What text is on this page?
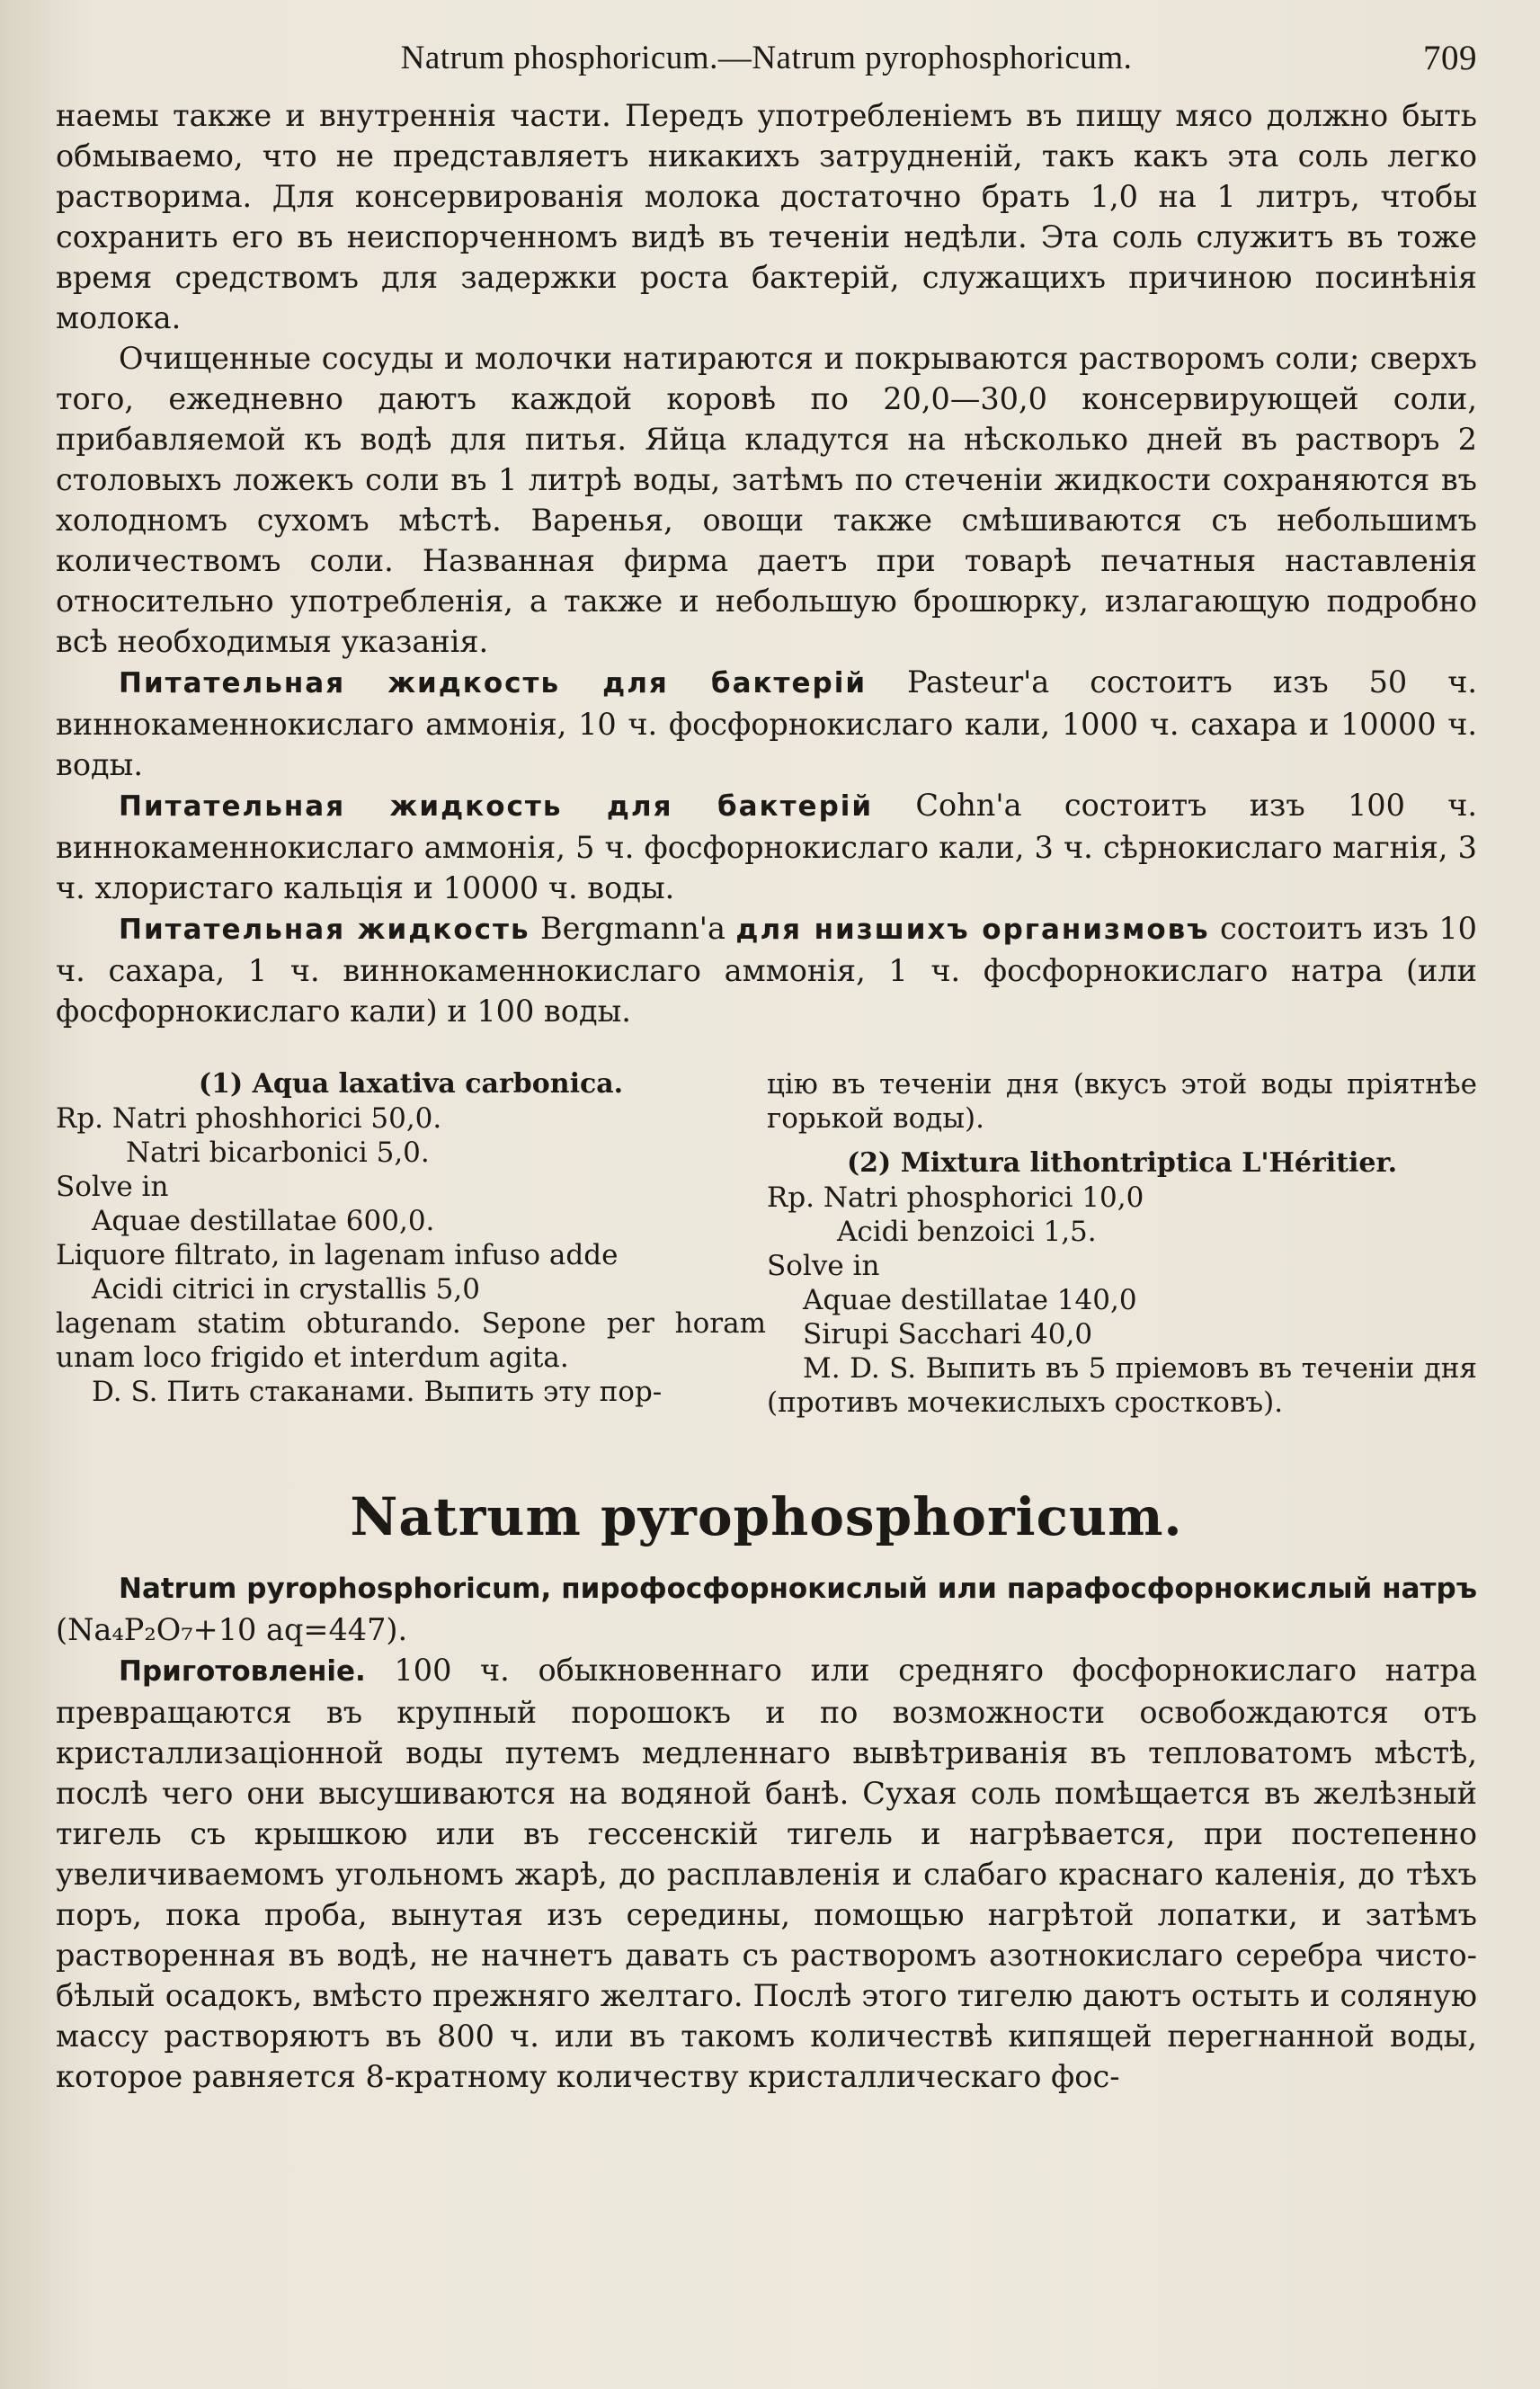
Natrum phosphoricum.—Natrum pyrophosphoricum.	709

наемы также и внутреннія части. Передъ употребленіемъ въ пищу мясо должно быть обмываемо, что не представляетъ никакихъ затрудненій, такъ какъ эта соль легко растворима. Для консервированія молока достаточно брать 1,0 на 1 литръ, чтобы сохранить его въ неиспорченномъ видѣ въ теченіи недѣли. Эта соль служитъ въ тоже время средствомъ для задержки роста бактерій, служащихъ причиною посинѣнія молока.

Очищенные сосуды и молочки натираются и покрываются растворомъ соли; сверхъ того, ежедневно даютъ каждой коровѣ по 20,0—30,0 консервирующей соли, прибавляемой къ водѣ для питья. Яйца кладутся на нѣсколько дней въ растворъ 2 столовыхъ ложекъ соли въ 1 литрѣ воды, затѣмъ по стеченіи жидкости сохраняются въ холодномъ сухомъ мѣстѣ. Варенья, овощи также смѣшиваются съ небольшимъ количествомъ соли. Названная фирма даетъ при товарѣ печатныя наставленія относительно употребленія, а также и небольшую брошюрку, излагающую подробно всѣ необходимыя указанія.

Питательная жидкость для бактерій Pasteur'а состоитъ изъ 50 ч. виннокаменнокислаго аммонія, 10 ч. фосфорнокислаго кали, 1000 ч. сахара и 10000 ч. воды.

Питательная жидкость для бактерій Cohn'а состоитъ изъ 100 ч. виннокаменнокислаго аммонія, 5 ч. фосфорнокислаго кали, 3 ч. сѣрнокислаго магнія, 3 ч. хлористаго кальція и 10000 ч. воды.

Питательная жидкость Bergmann'а для низшихъ организмовъ состоитъ изъ 10 ч. сахара, 1 ч. виннокаменнокислаго аммонія, 1 ч. фосфорнокислаго натра (или фосфорнокислаго кали) и 100 воды.

(1) Aqua laxativa carbonica.

Rp. Natri phoshhorici 50,0.

Natri bicarbonici 5,0.

Solve in

Aquae destillatae 600,0.

Liquore filtrato, in lagenam infuso adde

Acidi citrici in crystallis 5,0

lagenam statim obturando. Sepone per horam unam loco frigido et interdum agita.

D. S. Пить стаканами. Выпить эту пор-

цію въ теченіи дня (вкусъ этой воды пріятнѣе горькой воды).

(2) Mixtura lithontriptica L'Héritier.

Rp. Natri phosphorici 10,0

Acidi benzoici 1,5.

Solve in

Aquae destillatae 140,0

Sirupi Sacchari 40,0

M. D. S. Выпить въ 5 пріемовъ въ теченіи дня (противъ мочекислыхъ сростковъ).

Natrum pyrophosphoricum.

Natrum pyrophosphoricum, пирофосфорнокислый или парафосфорнокислый натръ (Na₄P₂O₇+10 aq=447).

Приготовленіе. 100 ч. обыкновеннаго или средняго фосфорнокислаго натра превращаются въ крупный порошокъ и по возможности освобождаются отъ кристаллизаціонной воды путемъ медленнаго вывѣтриванія въ тепловатомъ мѣстѣ, послѣ чего они высушиваются на водяной банѣ. Сухая соль помѣщается въ желѣзный тигель съ крышкою или въ гессенскій тигель и нагрѣвается, при постепенно увеличиваемомъ угольномъ жарѣ, до расплавленія и слабаго краснаго каленія, до тѣхъ поръ, пока проба, вынутая изъ середины, помощью нагрѣтой лопатки, и затѣмъ растворенная въ водѣ, не начнетъ давать съ растворомъ азотнокислаго серебра чисто-бѣлый осадокъ, вмѣсто прежняго желтаго. Послѣ этого тигелю даютъ остыть и соляную массу растворяютъ въ 800 ч. или въ такомъ количествѣ кипящей перегнанной воды, которое равняется 8-кратному количеству кристаллическаго фос-
